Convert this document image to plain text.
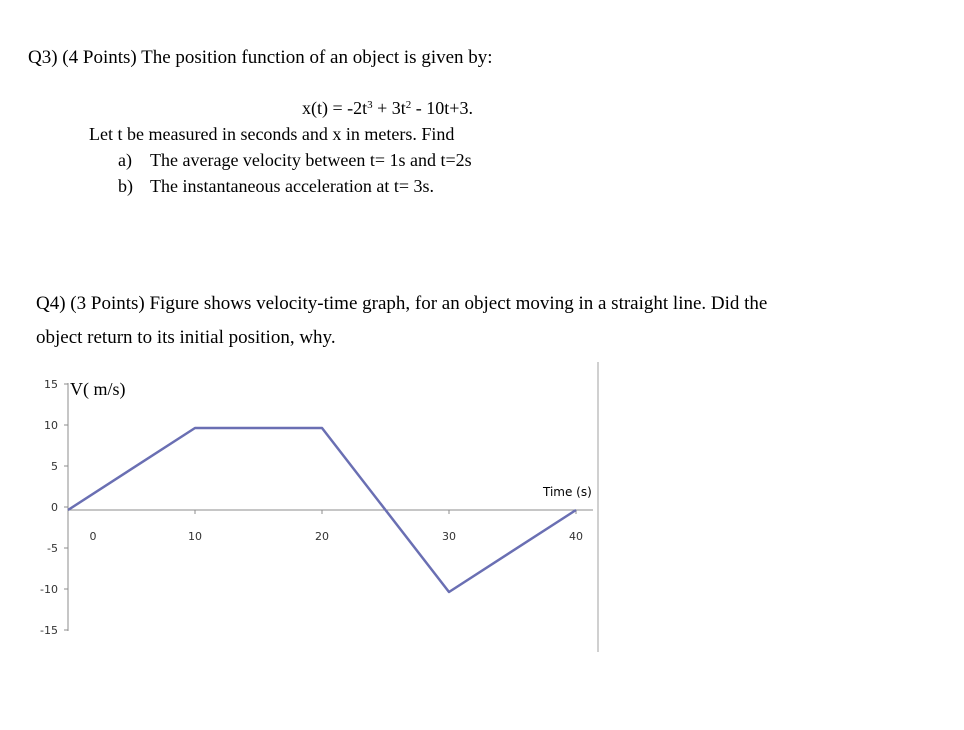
Q3) (4 Points) The position function of an object is given by:
$x(t) = -2t^3 + 3t^2 - 10t+3$.
Let t be measured in seconds and x in meters. Find
a) The average velocity between t= 1s and t=2s
b) The instantaneous acceleration at t= 3s.
Q4) (3 Points) Figure shows velocity-time graph, for an object moving in a straight line. Did the
object return to its initial position, why.
15
10
5
0
-5
-10
-15
0	10	20	30	40
V( m/s)
Time (s)
